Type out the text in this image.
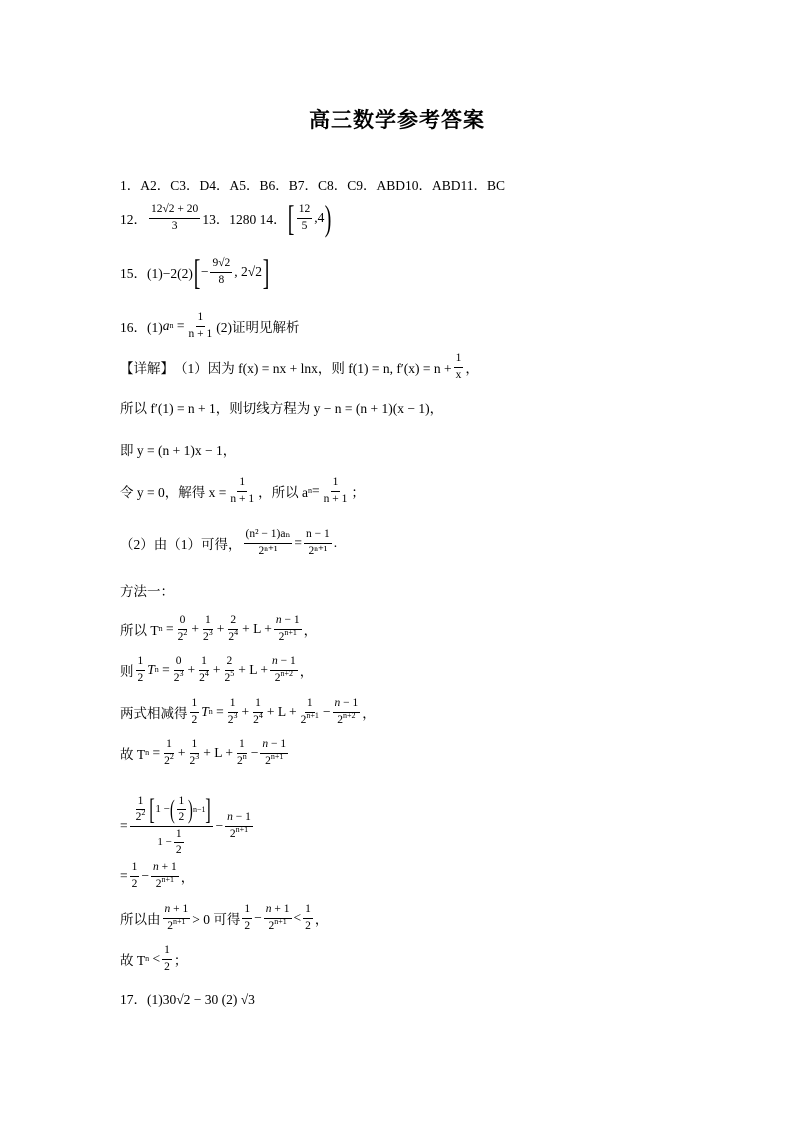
高三数学参考答案
1．A2．C3．D4．A5．B6．B7．C8．C9．ABD10．ABD11．BC
12． $\frac{12√2 + 20}{3} 13$．1280 14． [ $\frac{12}{5} ,4$ )
15．(1)−2(2) [ − $\frac{9√2}{8}$ , 2√2 ]
16．(1) a $n = \frac{1}{n + 1} (2)$证明见解析
【详解】 （1）因为 f(x) = nx + lnx，则 f(1) = n, $f'(x) = n + \frac{1}{x}$ ，
所以 f′(1) = n + 1，则切线方程为 y − n = (n + 1)(x − 1)，
即 y = (n + 1)x − 1，
令 y = 0，解得 $x = \frac{1}{n + 1}$ ，所以 a $n = \frac{1}{n + 1}$ ；
（2）由（1）可得， $\frac{\text{(n² − 1)aₙ}}{\text{2ⁿ⁺¹}} = \frac{n - 1}{\text{2ⁿ⁺¹}}$ .
方法一：
所以 T $n = \frac{0}{2^2} + \frac{1}{2^3} + \frac{2}{2^4} + L + \frac{n - 1}{2^{n+1}}$ ，
则 $\frac{1}{2}$ T $n = \frac{0}{2^3} + \frac{1}{2^4} + \frac{2}{2^5} + L + \frac{n - 1}{2^{n+2}}$ ，
两式相减得 $\frac{1}{2}$ T $n = \frac{1}{2^3} + \frac{1}{2^4} + L + \frac{1}{2^{n+1}} - \frac{n - 1}{2^{n+2}}$ ，
故 T $n = \frac{1}{2^2} + \frac{1}{2^3} + L + \frac{1}{2^n} - \frac{n - 1}{2^{n+1}}$
= $\frac{\frac{1}{2^2} [ 1 - ( \frac{1}{2} ) n-1 ]}{1 - \frac{1}{2}} - \frac{n - 1}{2^{n+1}}$
= $\frac{1}{2} - \frac{n + 1}{2^{n+1}}$ ，
所以由 $\frac{n + 1}{2^{n+1}} > 0$ 可得 $\frac{1}{2} - \frac{n + 1}{2^{n+1}} < \frac{1}{2}$ ，
故 T $n < \frac{1}{2}$ ；
17．(1)30√2 − 30 (2) √3
